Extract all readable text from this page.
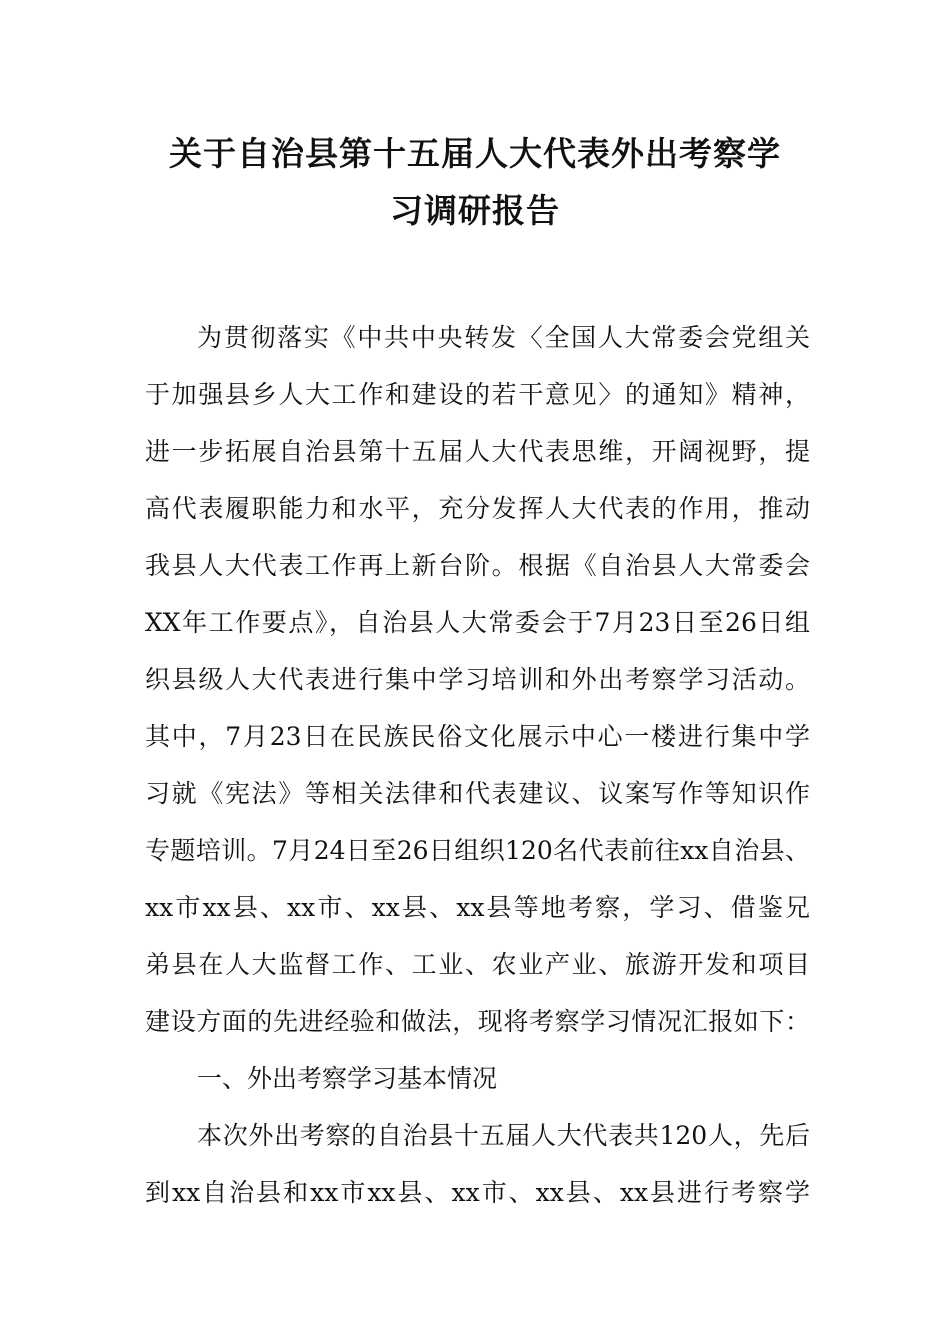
关于自治县第十五届人大代表外出考察学
习调研报告
为贯彻落实《中共中央转发〈全国人大常委会党组关
于加强县乡人大工作和建设的若干意见〉的通知》精神，
进一步拓展自治县第十五届人大代表思维，开阔视野，提
高代表履职能力和水平，充分发挥人大代表的作用，推动
我县人大代表工作再上新台阶。根据《自治县人大常委会
XX年工作要点》，自治县人大常委会于7月23日至26日组
织县级人大代表进行集中学习培训和外出考察学习活动。
其中，7月23日在民族民俗文化展示中心一楼进行集中学
习就《宪法》等相关法律和代表建议、议案写作等知识作
专题培训。7月24日至26日组织120名代表前往xx自治县、
xx市xx县、xx市、xx县、xx县等地考察，学习、借鉴兄
弟县在人大监督工作、工业、农业产业、旅游开发和项目
建设方面的先进经验和做法，现将考察学习情况汇报如下：
一、外出考察学习基本情况
本次外出考察的自治县十五届人大代表共120人，先后
到xx自治县和xx市xx县、xx市、xx县、xx县进行考察学
